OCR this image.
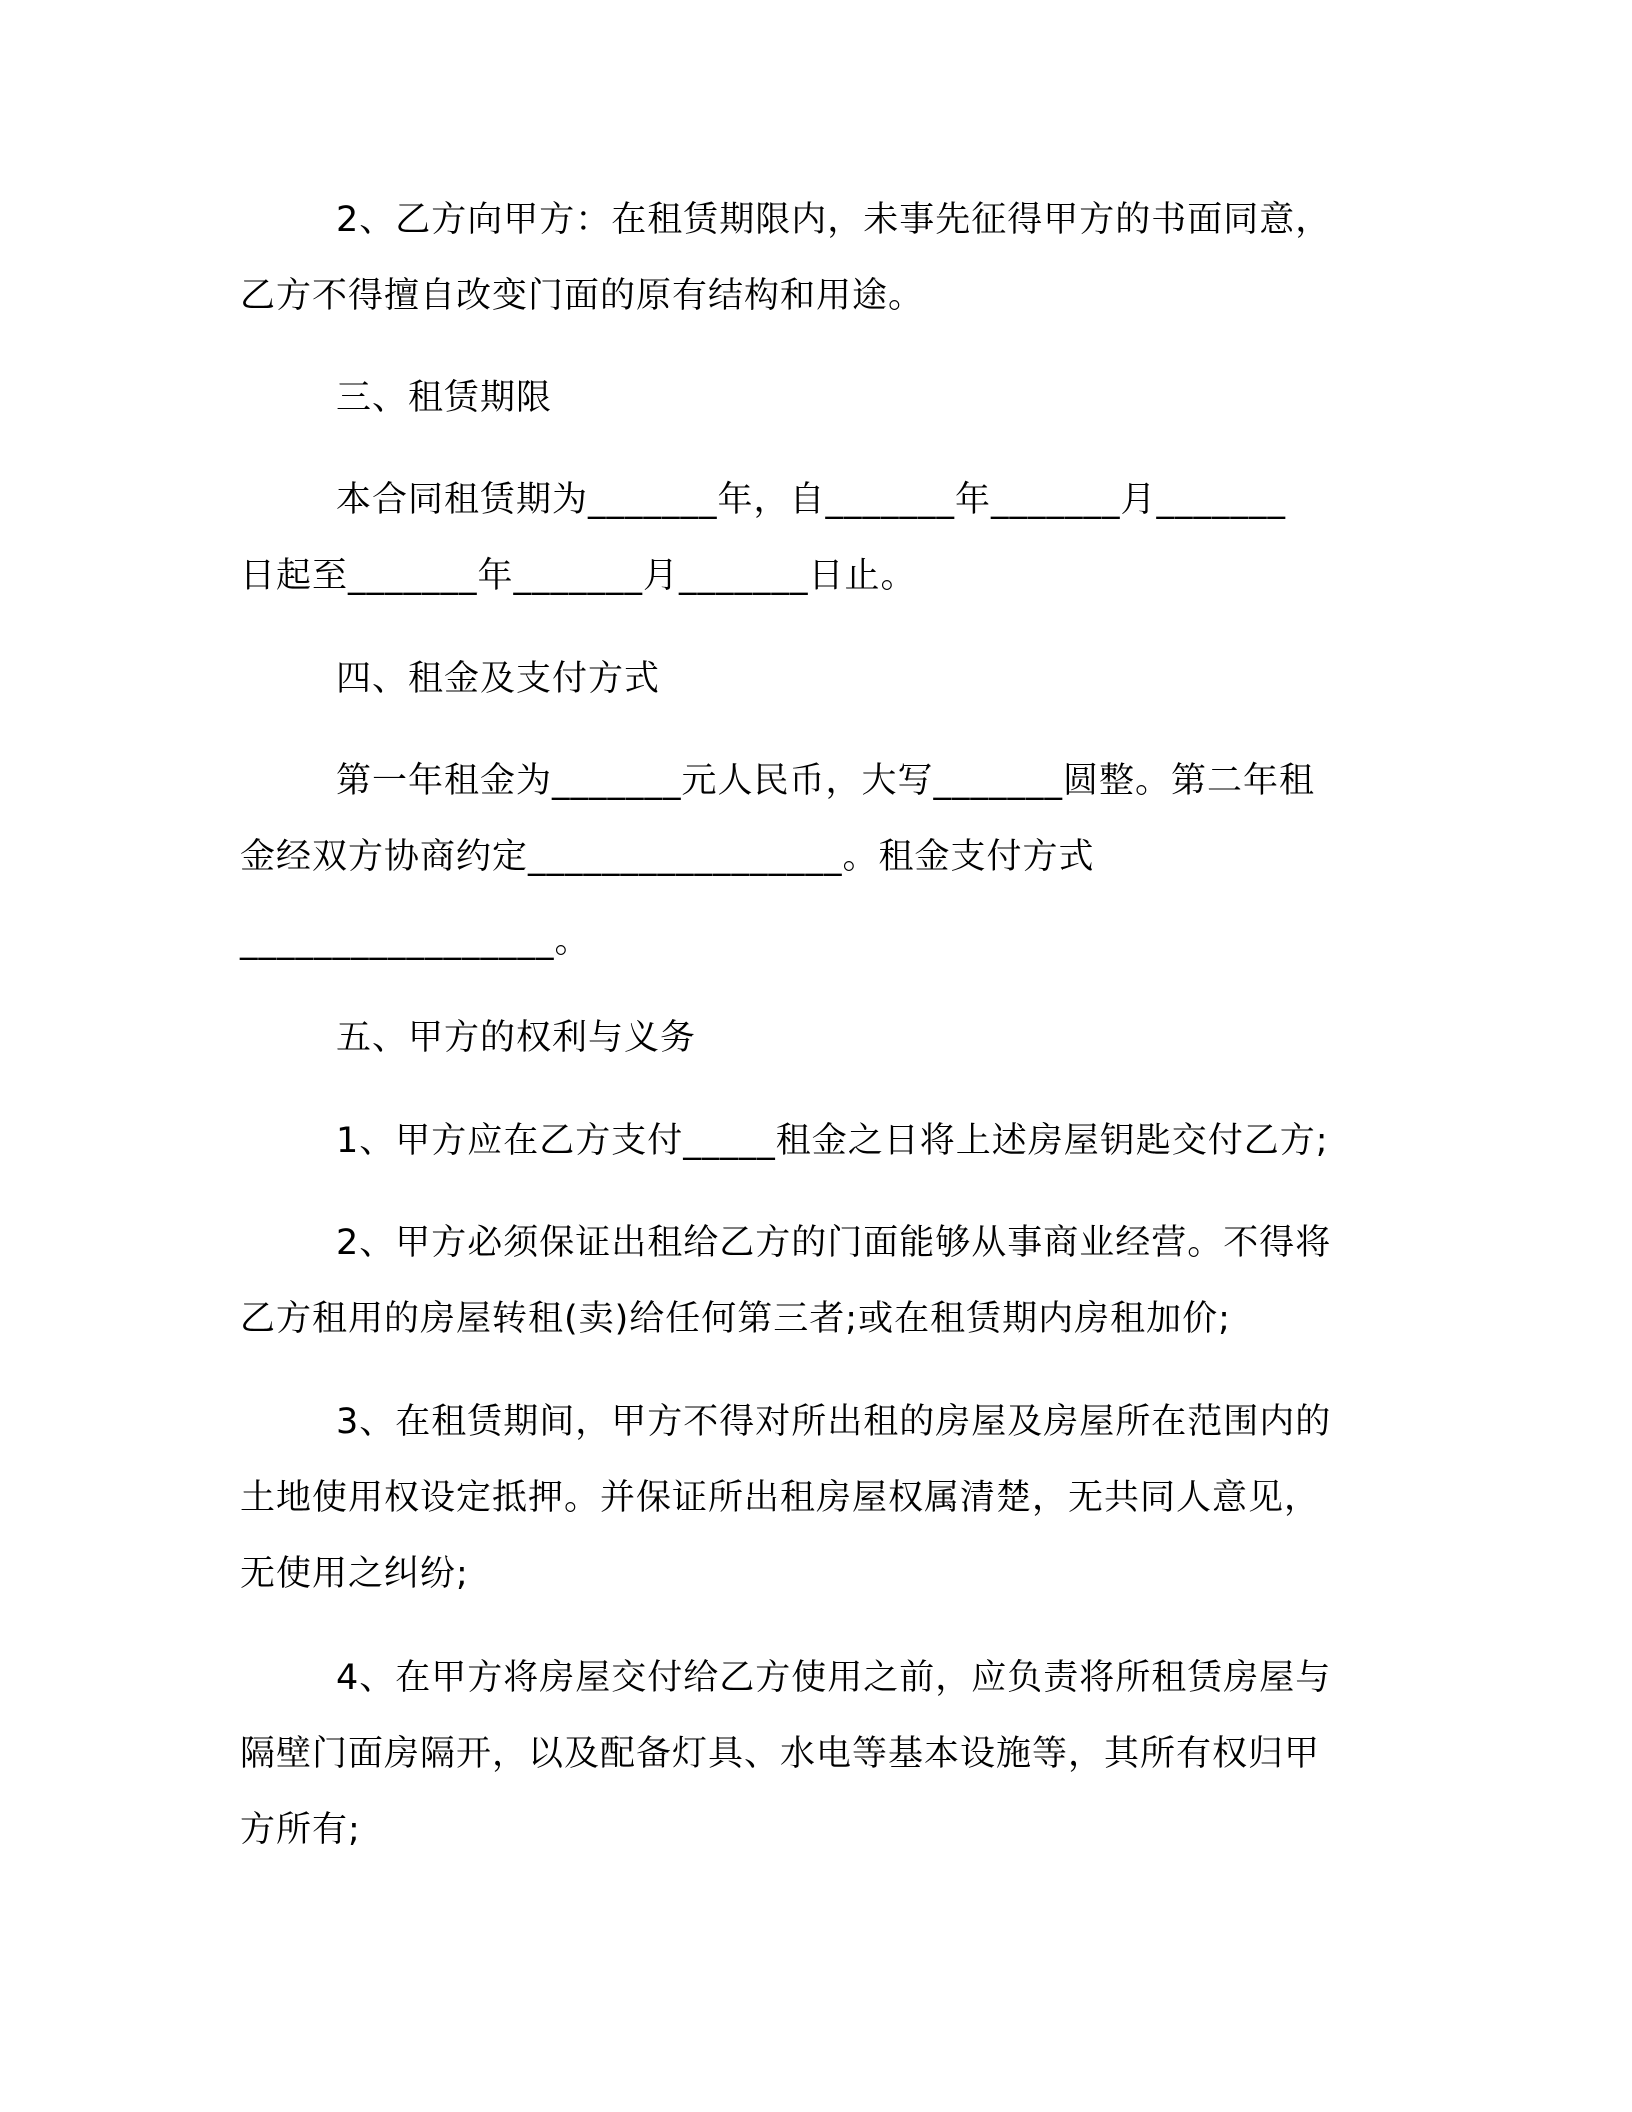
2、乙方向甲方：在租赁期限内，未事先征得甲方的书面同意，
乙方不得擅自改变门面的原有结构和用途。
三、租赁期限
本合同租赁期为_______年，自_______年_______月_______
日起至_______年_______月_______日止。
四、租金及支付方式
第一年租金为_______元人民币，大写_______圆整。第二年租
金经双方协商约定_________________。租金支付方式
_________________。
五、甲方的权利与义务
1、甲方应在乙方支付_____租金之日将上述房屋钥匙交付乙方;
2、甲方必须保证出租给乙方的门面能够从事商业经营。不得将
乙方租用的房屋转租(卖)给任何第三者;或在租赁期内房租加价;
3、在租赁期间，甲方不得对所出租的房屋及房屋所在范围内的
土地使用权设定抵押。并保证所出租房屋权属清楚，无共同人意见，
无使用之纠纷;
4、在甲方将房屋交付给乙方使用之前，应负责将所租赁房屋与
隔壁门面房隔开，以及配备灯具、水电等基本设施等，其所有权归甲
方所有;
